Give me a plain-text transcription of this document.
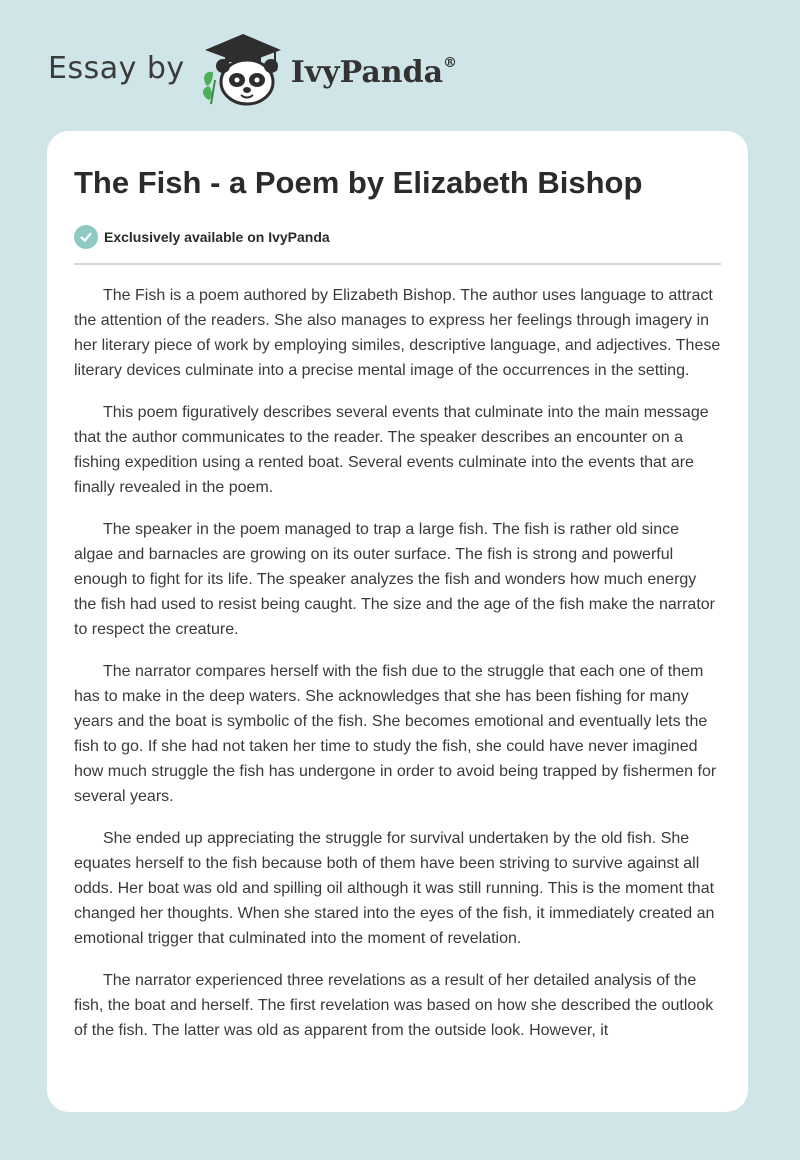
Essay by	IvyPanda®
The Fish - a Poem by Elizabeth Bishop
Exclusively available on IvyPanda

The Fish is a poem authored by Elizabeth Bishop. The author uses language to attract the attention of the readers. She also manages to express her feelings through imagery in her literary piece of work by employing similes, descriptive language, and adjectives. These literary devices culminate into a precise mental image of the occurrences in the setting.

This poem figuratively describes several events that culminate into the main message that the author communicates to the reader. The speaker describes an encounter on a fishing expedition using a rented boat. Several events culminate into the events that are finally revealed in the poem.

The speaker in the poem managed to trap a large fish. The fish is rather old since algae and barnacles are growing on its outer surface. The fish is strong and powerful enough to fight for its life. The speaker analyzes the fish and wonders how much energy the fish had used to resist being caught. The size and the age of the fish make the narrator to respect the creature.

The narrator compares herself with the fish due to the struggle that each one of them has to make in the deep waters. She acknowledges that she has been fishing for many years and the boat is symbolic of the fish. She becomes emotional and eventually lets the fish to go. If she had not taken her time to study the fish, she could have never imagined how much struggle the fish has undergone in order to avoid being trapped by fishermen for several years.

She ended up appreciating the struggle for survival undertaken by the old fish. She equates herself to the fish because both of them have been striving to survive against all odds. Her boat was old and spilling oil although it was still running. This is the moment that changed her thoughts. When she stared into the eyes of the fish, it immediately created an emotional trigger that culminated into the moment of revelation.

The narrator experienced three revelations as a result of her detailed analysis of the fish, the boat and herself. The first revelation was based on how she described the outlook of the fish. The latter was old as apparent from the outside look. However, it
